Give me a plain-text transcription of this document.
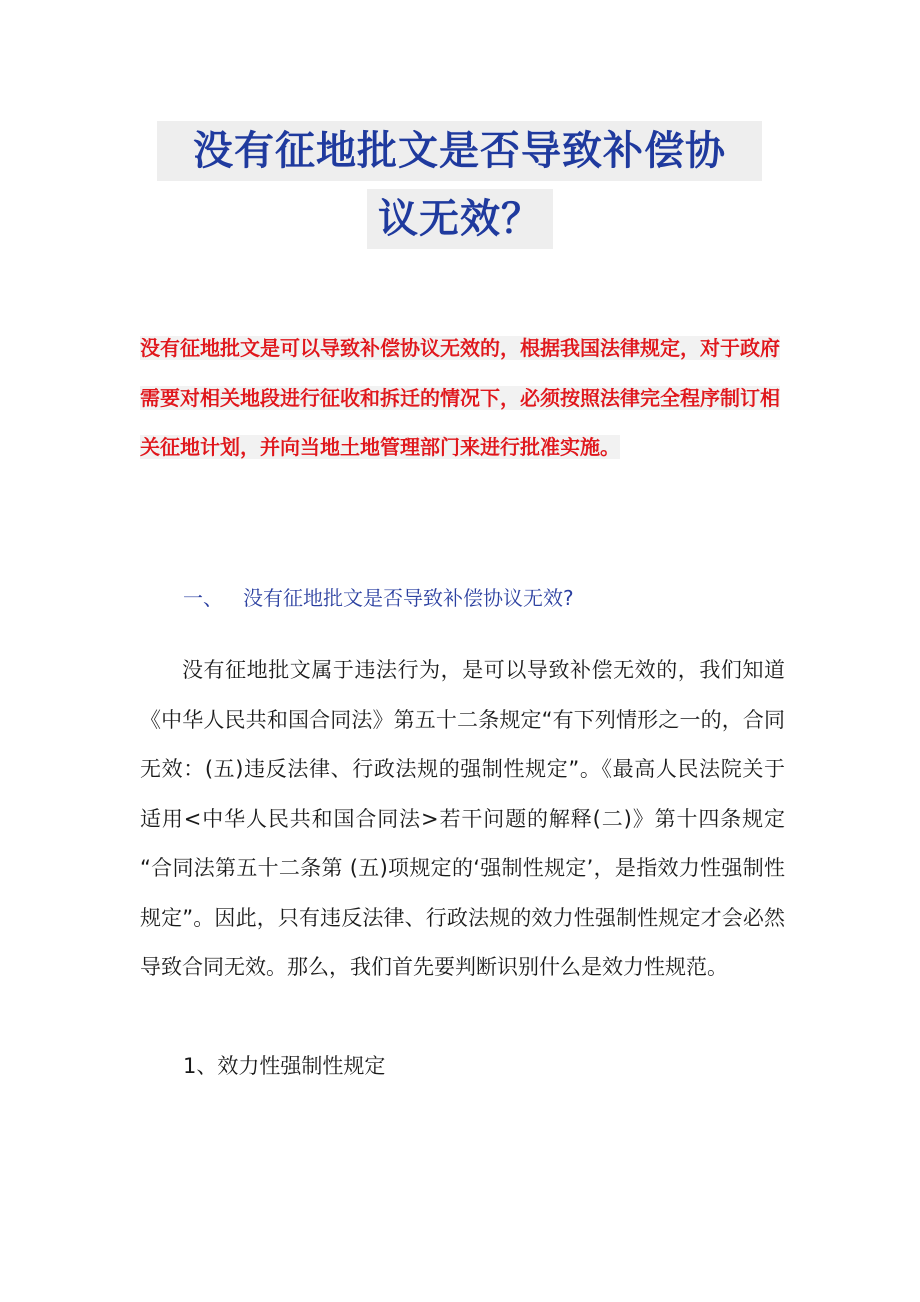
没有征地批文是否导致补偿协
议无效？
没有征地批文是可以导致补偿协议无效的，根据我国法律规定，对于政府需要对相关地段进行征收和拆迁的情况下，必须按照法律完全程序制订相关征地计划，并向当地土地管理部门来进行批准实施。
一、 没有征地批文是否导致补偿协议无效?
没有征地批文属于违法行为，是可以导致补偿无效的，我们知道《中华人民共和国合同法》第五十二条规定“有下列情形之一的，合同无效：(五)违反法律、行政法规的强制性规定”。《最高人民法院关于适用<中华人民共和国合同法>若干问题的解释(二)》第十四条规定 “合同法第五十二条第 (五)项规定的‘强制性规定’，是指效力性强制性规定”。因此，只有违反法律、行政法规的效力性强制性规定才会必然导致合同无效。那么，我们首先要判断识别什么是效力性规范。
1、效力性强制性规定
